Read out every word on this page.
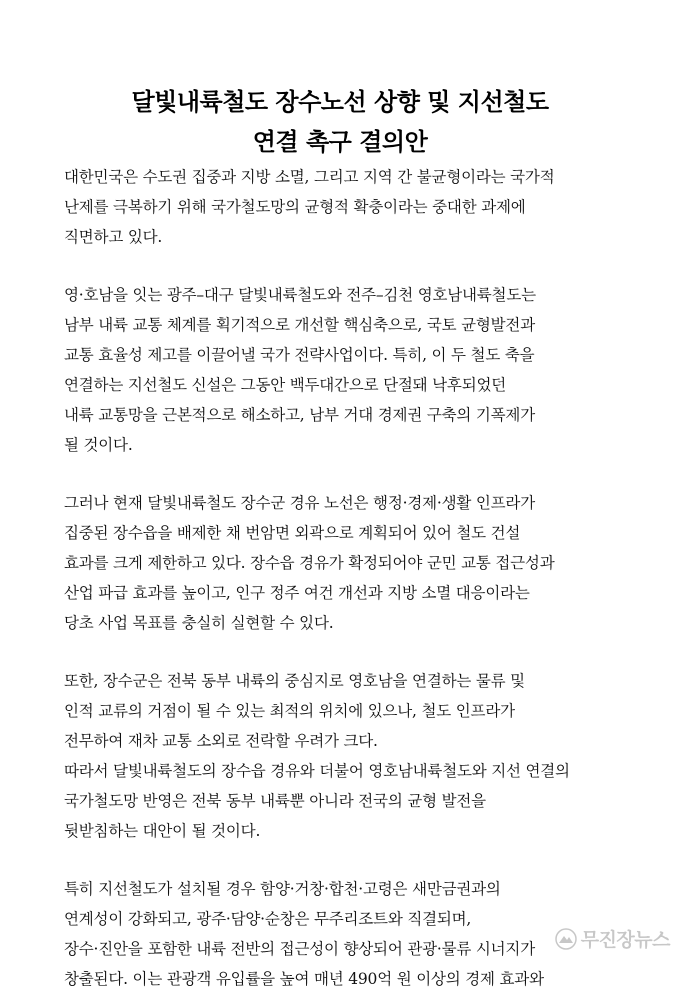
달빛내륙철도 장수노선 상향 및 지선철도
연결 촉구 결의안
대한민국은 수도권 집중과 지방 소멸, 그리고 지역 간 불균형이라는 국가적
난제를 극복하기 위해 국가철도망의 균형적 확충이라는 중대한 과제에
직면하고 있다.
영·호남을 잇는 광주–대구 달빛내륙철도와 전주–김천 영호남내륙철도는
남부 내륙 교통 체계를 획기적으로 개선할 핵심축으로, 국토 균형발전과
교통 효율성 제고를 이끌어낼 국가 전략사업이다. 특히, 이 두 철도 축을
연결하는 지선철도 신설은 그동안 백두대간으로 단절돼 낙후되었던
내륙 교통망을 근본적으로 해소하고, 남부 거대 경제권 구축의 기폭제가
될 것이다.
그러나 현재 달빛내륙철도 장수군 경유 노선은 행정·경제·생활 인프라가
집중된 장수읍을 배제한 채 번암면 외곽으로 계획되어 있어 철도 건설
효과를 크게 제한하고 있다. 장수읍 경유가 확정되어야 군민 교통 접근성과
산업 파급 효과를 높이고, 인구 정주 여건 개선과 지방 소멸 대응이라는
당초 사업 목표를 충실히 실현할 수 있다.
또한, 장수군은 전북 동부 내륙의 중심지로 영호남을 연결하는 물류 및
인적 교류의 거점이 될 수 있는 최적의 위치에 있으나, 철도 인프라가
전무하여 재차 교통 소외로 전락할 우려가 크다.
따라서 달빛내륙철도의 장수읍 경유와 더불어 영호남내륙철도와 지선 연결의
국가철도망 반영은 전북 동부 내륙뿐 아니라 전국의 균형 발전을
뒷받침하는 대안이 될 것이다.
특히 지선철도가 설치될 경우 함양·거창·합천·고령은 새만금권과의
연계성이 강화되고, 광주·담양·순창은 무주리조트와 직결되며,
장수·진안을 포함한 내륙 전반의 접근성이 향상되어 관광·물류 시너지가
창출된다. 이는 관광객 유입률을 높여 매년 490억 원 이상의 경제 효과와
무진장뉴스
